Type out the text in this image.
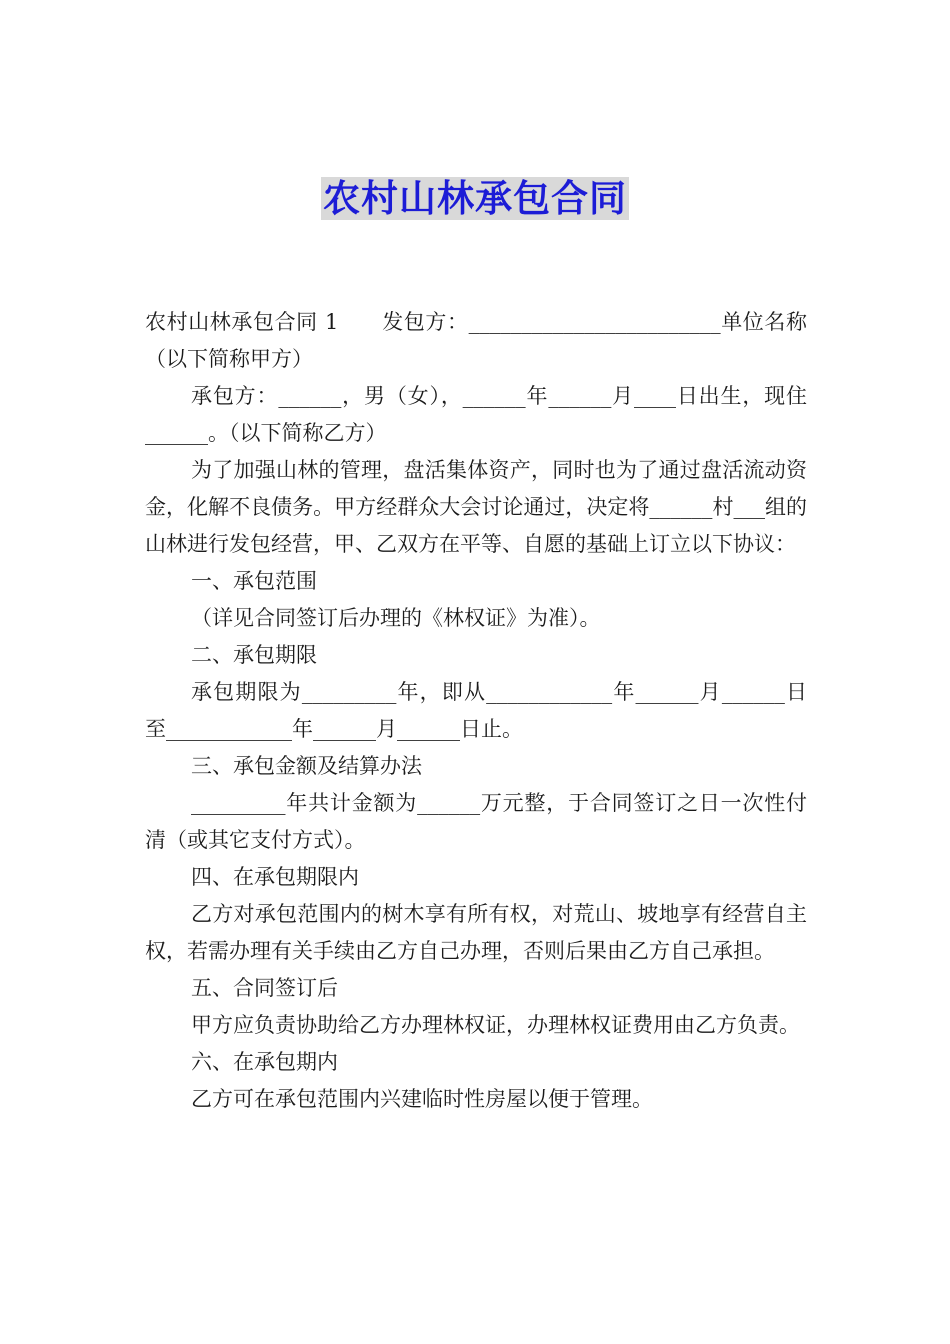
农村山林承包合同

农村山林承包合同 1　　发包方：________________________单位名称（以下简称甲方）

承包方：______，男（女），______年______月____日出生，现住______。（以下简称乙方）

为了加强山林的管理，盘活集体资产，同时也为了通过盘活流动资金，化解不良债务。甲方经群众大会讨论通过，决定将______村___组的山林进行发包经营，甲、乙双方在平等、自愿的基础上订立以下协议：

一、承包范围

（详见合同签订后办理的《林权证》为准）。

二、承包期限

承包期限为_________年，即从____________年______月______日至____________年______月______日止。

三、承包金额及结算办法

_________年共计金额为______万元整，于合同签订之日一次性付清（或其它支付方式）。

四、在承包期限内

乙方对承包范围内的树木享有所有权，对荒山、坡地享有经营自主权，若需办理有关手续由乙方自己办理，否则后果由乙方自己承担。

五、合同签订后

甲方应负责协助给乙方办理林权证，办理林权证费用由乙方负责。

六、在承包期内

乙方可在承包范围内兴建临时性房屋以便于管理。
